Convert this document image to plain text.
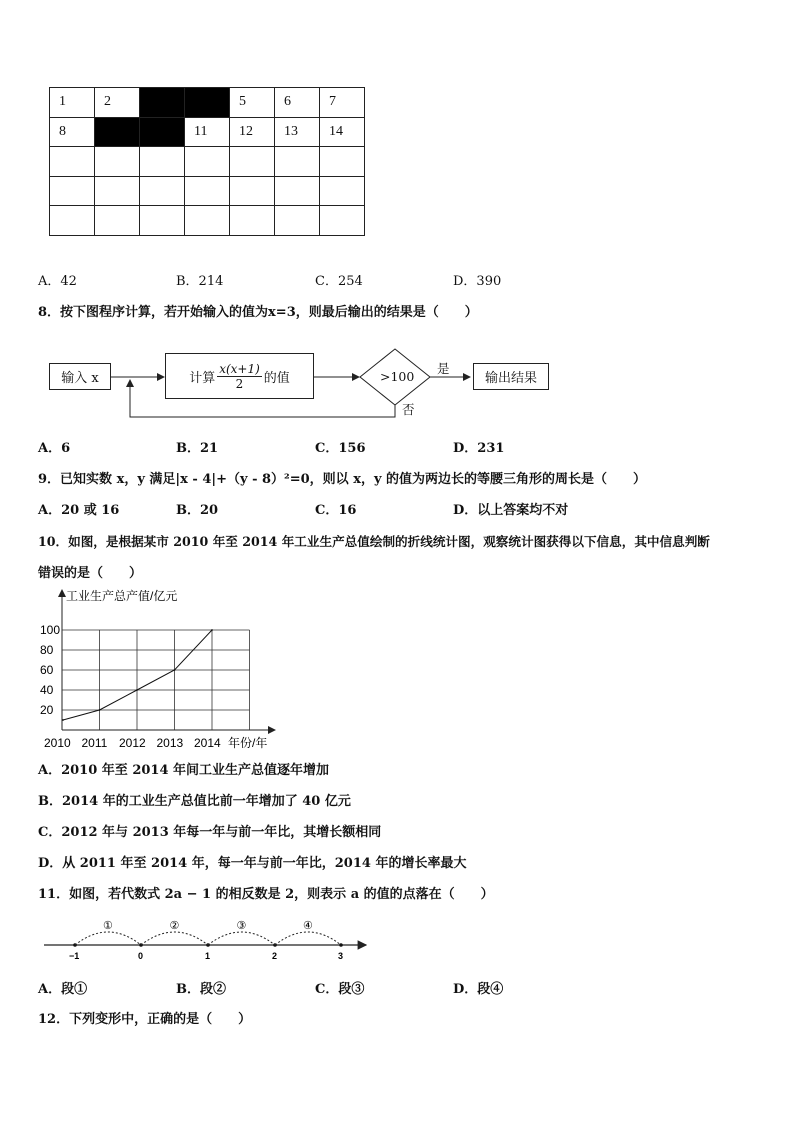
1	2			5	6	7
8			11	12	13	14

A．42	B．214	C．254	D．390
8．按下图程序计算，若开始输入的值为x=3，则最后输出的结果是（　　）
输入 x	计算 $\frac{x(x+1)}{2}$ 的值	>100
是
否
输出结果
A．6	B．21	C．156	D．231
9．已知实数 x，y 满足|x - 4|+（y - 8）²=0，则以 x，y 的值为两边长的等腰三角形的周长是（　　）
A．20 或 16	B．20	C．16	D．以上答案均不对
10．如图，是根据某市 2010 年至 2014 年工业生产总值绘制的折线统计图，观察统计图获得以下信息，其中信息判断
错误的是（　　）
工业生产总产值/亿元
年份/年
20
40
60
80
100
2010 2011 2012 2013 2014
A．2010 年至 2014 年间工业生产总值逐年增加
B．2014 年的工业生产总值比前一年增加了 40 亿元
C．2012 年与 2013 年每一年与前一年比，其增长额相同
D．从 2011 年至 2014 年，每一年与前一年比，2014 年的增长率最大
11．如图，若代数式 2a − 1 的相反数是 2，则表示 a 的值的点落在（　　）
−1	0	1	2	3
①	②	③	④
A．段①	B．段②	C．段③	D．段④
12．下列变形中，正确的是（　　）
